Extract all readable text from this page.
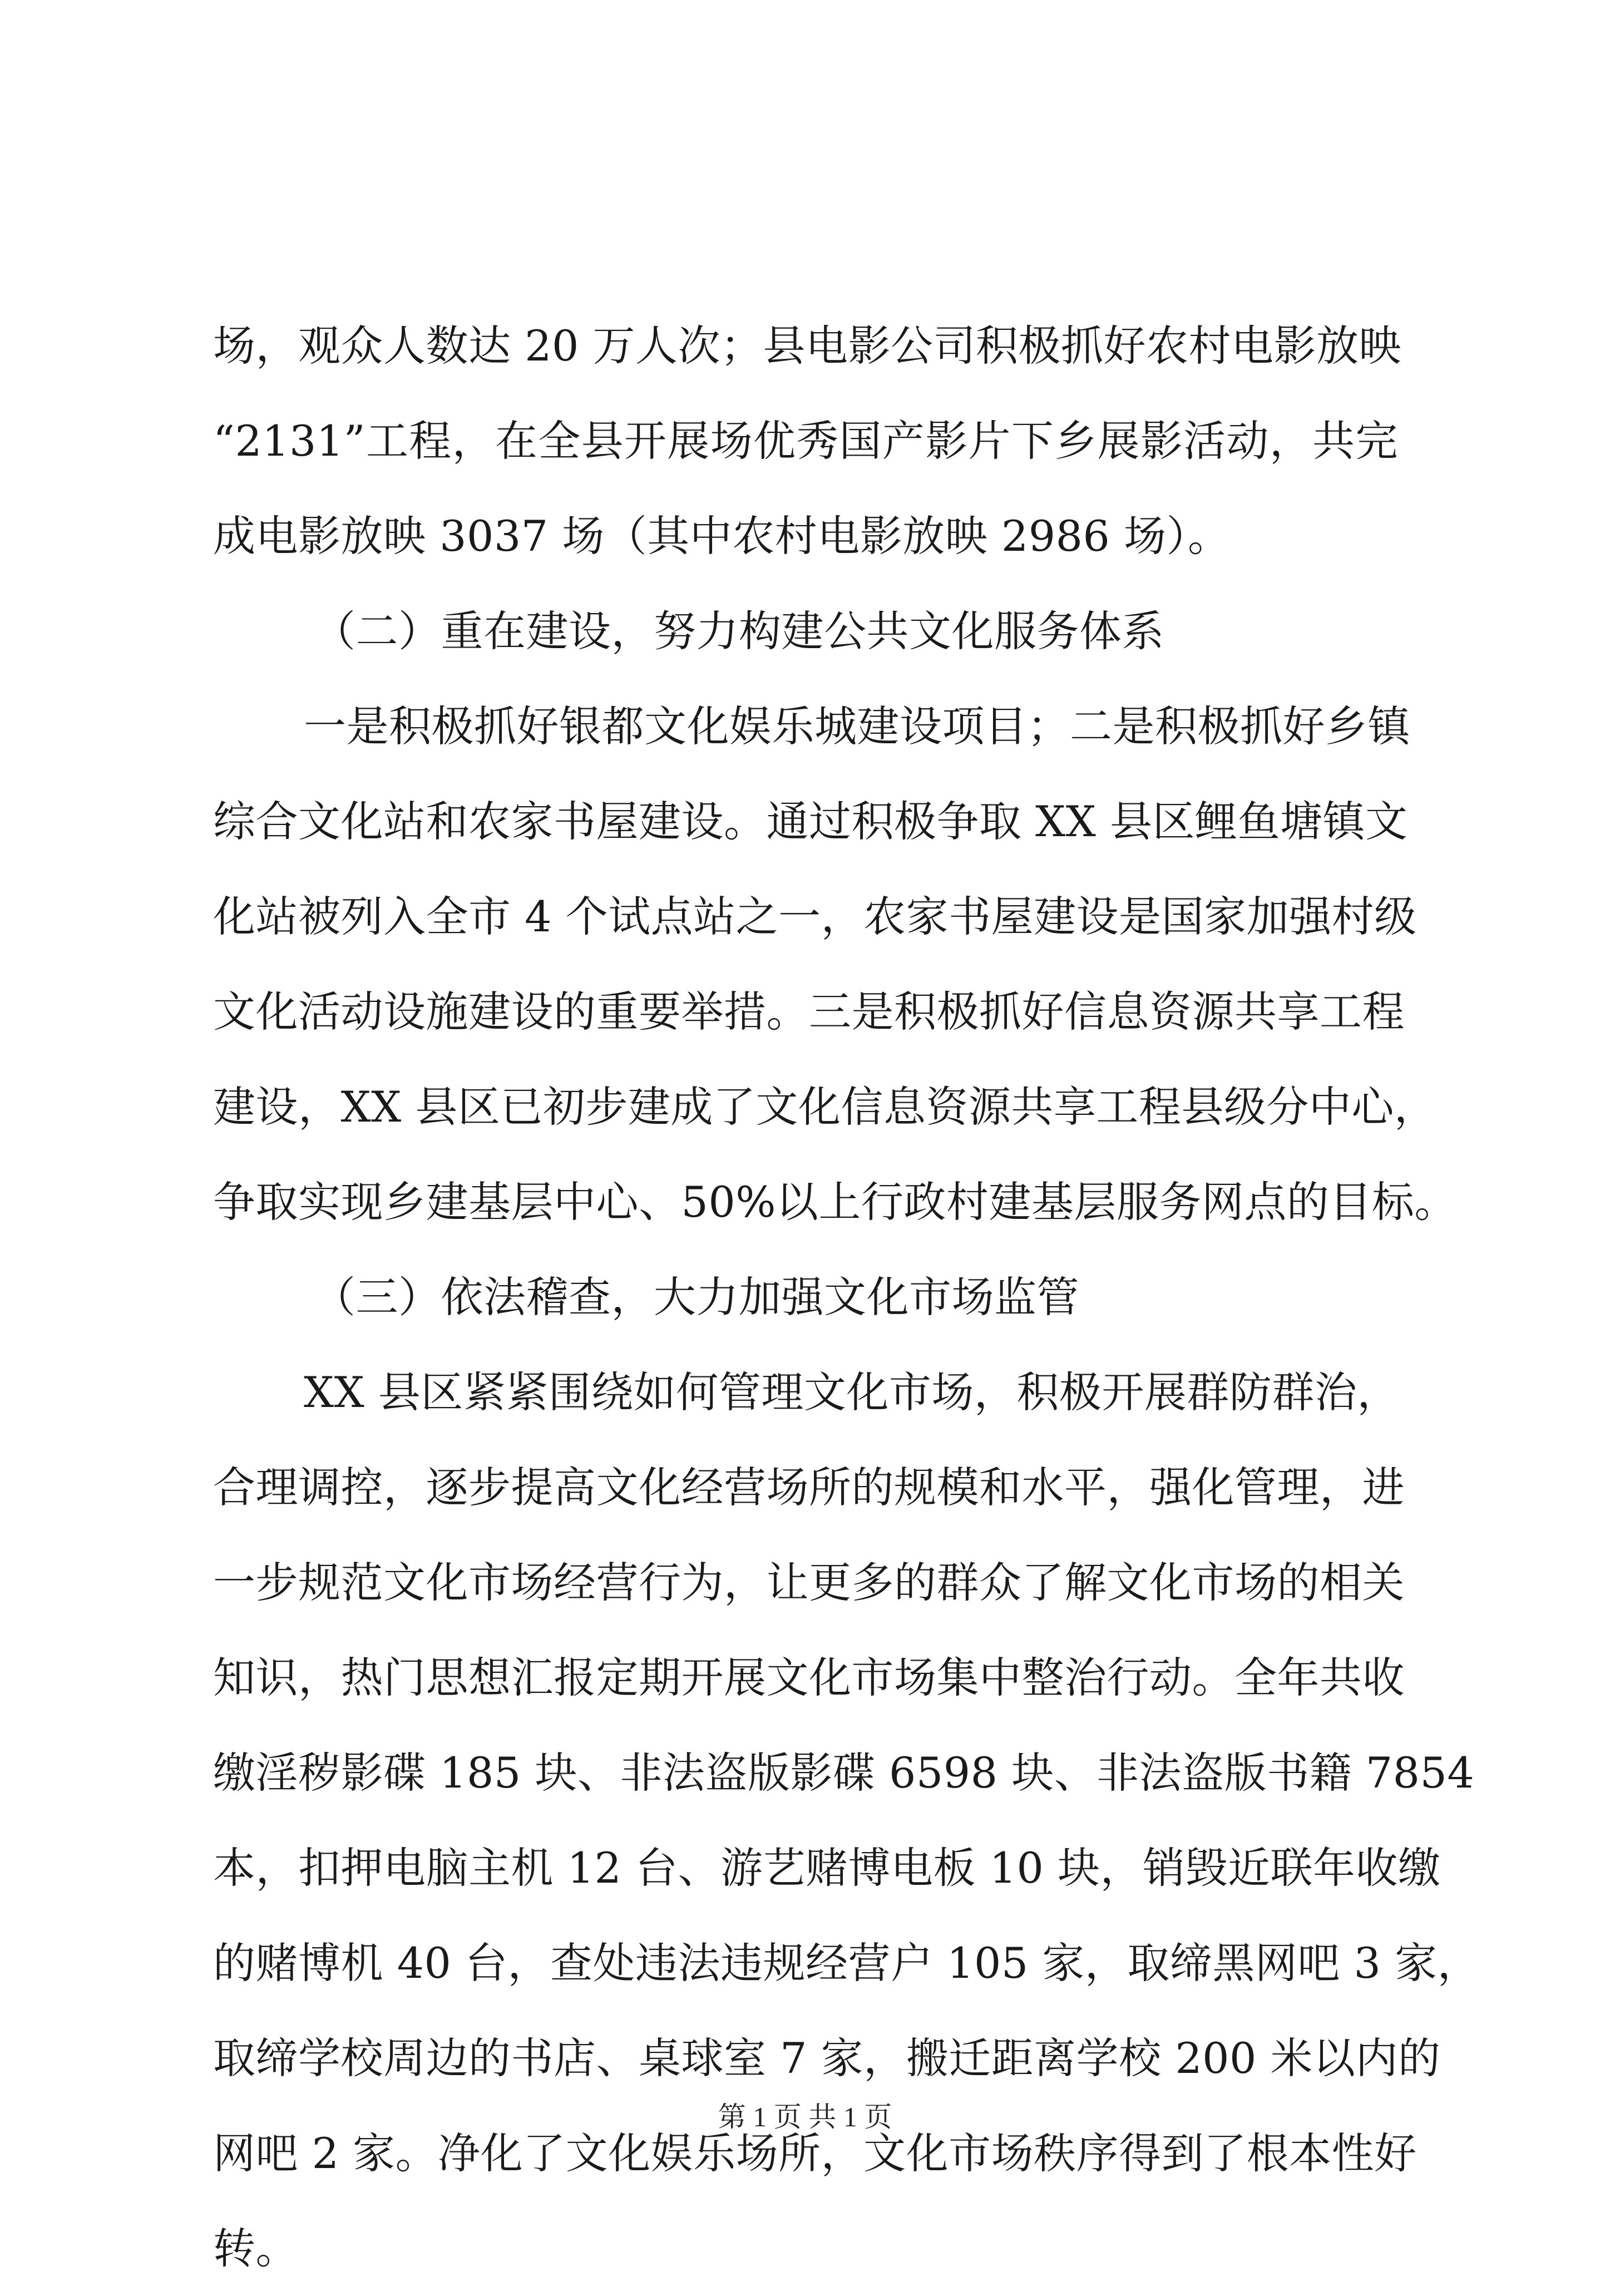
场，观众人数达 20 万人次；县电影公司积极抓好农村电影放映
“2131”工程，在全县开展场优秀国产影片下乡展影活动，共完
成电影放映 3037 场（其中农村电影放映 2986 场）。
（二）重在建设，努力构建公共文化服务体系
一是积极抓好银都文化娱乐城建设项目；二是积极抓好乡镇
综合文化站和农家书屋建设。通过积极争取 XX 县区鲤鱼塘镇文
化站被列入全市 4 个试点站之一，农家书屋建设是国家加强村级
文化活动设施建设的重要举措。三是积极抓好信息资源共享工程
建设，XX 县区已初步建成了文化信息资源共享工程县级分中心，
争取实现乡建基层中心、50%以上行政村建基层服务网点的目标。
（三）依法稽查，大力加强文化市场监管
XX 县区紧紧围绕如何管理文化市场，积极开展群防群治，
合理调控，逐步提高文化经营场所的规模和水平，强化管理，进
一步规范文化市场经营行为，让更多的群众了解文化市场的相关
知识，热门思想汇报定期开展文化市场集中整治行动。全年共收
缴淫秽影碟 185 块、非法盗版影碟 6598 块、非法盗版书籍 7854
本，扣押电脑主机 12 台、游艺赌博电板 10 块，销毁近联年收缴
的赌博机 40 台，查处违法违规经营户 105 家，取缔黑网吧 3 家，
取缔学校周边的书店、桌球室 7 家，搬迁距离学校 200 米以内的
网吧 2 家。净化了文化娱乐场所，文化市场秩序得到了根本性好
转。
第 1 页 共 1 页
